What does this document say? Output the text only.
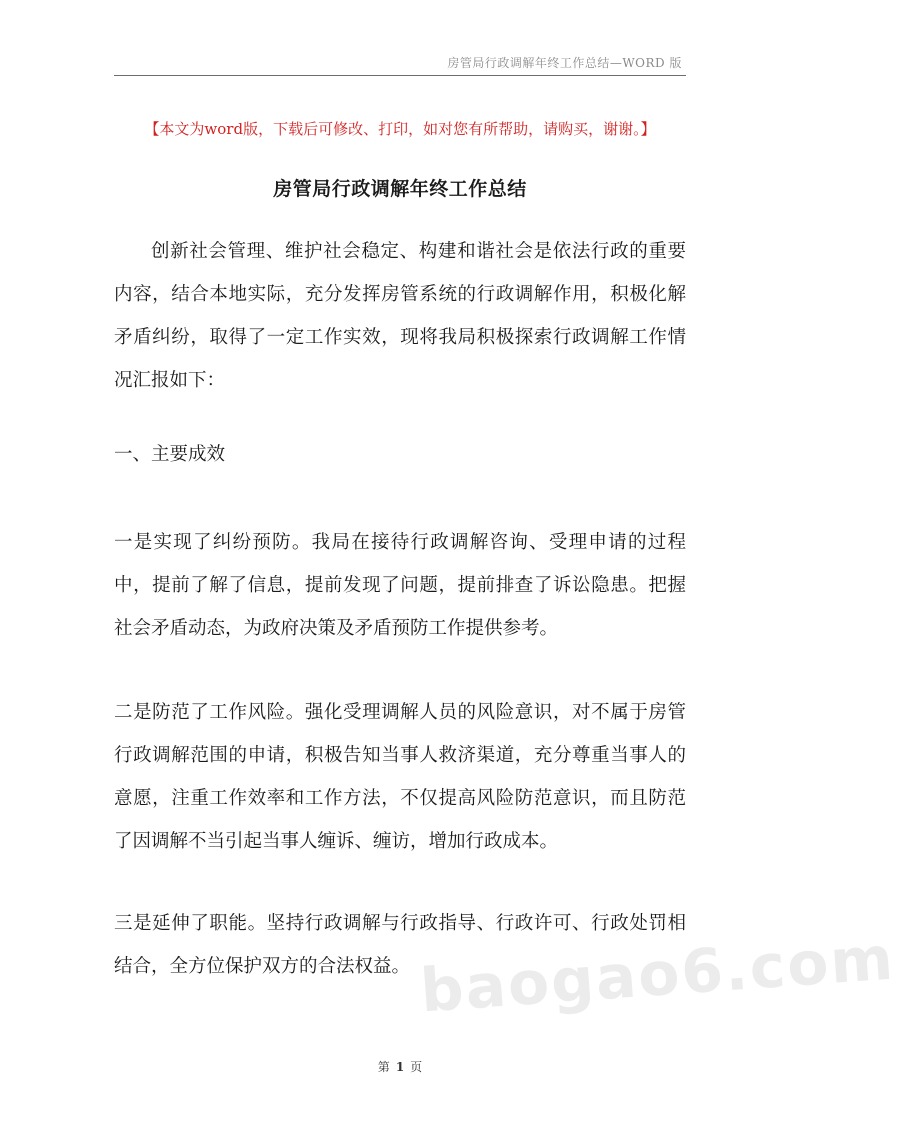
房管局行政调解年终工作总结—WORD 版
【本文为word版，下载后可修改、打印，如对您有所帮助，请购买，谢谢。】
房管局行政调解年终工作总结

创新社会管理、维护社会稳定、构建和谐社会是依法行政的重要内容，结合本地实际，充分发挥房管系统的行政调解作用，积极化解矛盾纠纷，取得了一定工作实效，现将我局积极探索行政调解工作情况汇报如下：

一、主要成效

一是实现了纠纷预防。我局在接待行政调解咨询、受理申请的过程中，提前了解了信息，提前发现了问题，提前排查了诉讼隐患。把握社会矛盾动态，为政府决策及矛盾预防工作提供参考。

二是防范了工作风险。强化受理调解人员的风险意识，对不属于房管行政调解范围的申请，积极告知当事人救济渠道，充分尊重当事人的意愿，注重工作效率和工作方法，不仅提高风险防范意识，而且防范了因调解不当引起当事人缠诉、缠访，增加行政成本。

三是延伸了职能。坚持行政调解与行政指导、行政许可、行政处罚相结合，全方位保护双方的合法权益。 baogao6.com
第 1 页
